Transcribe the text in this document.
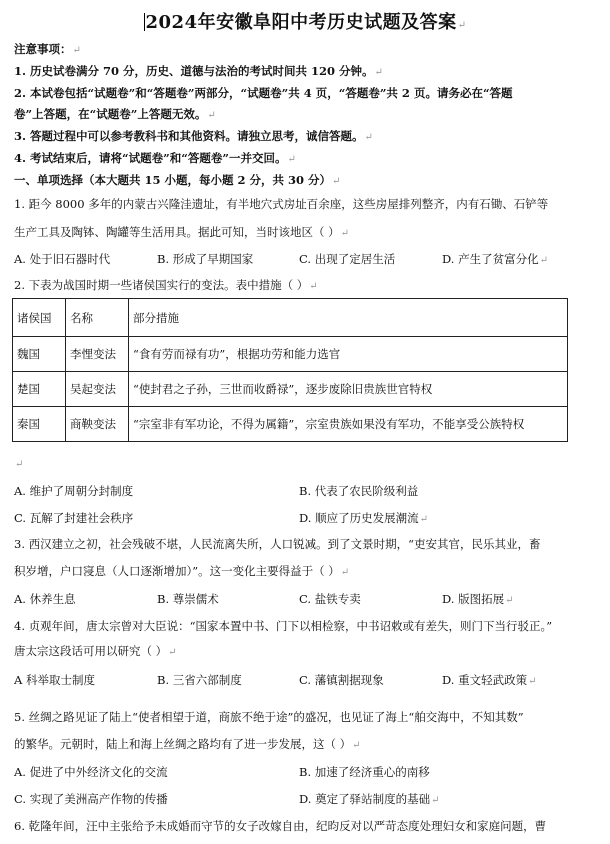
2024年安徽阜阳中考历史试题及答案↵
注意事项：↵
1. 历史试卷满分 70 分，历史、道德与法治的考试时间共 120 分钟。↵
2. 本试卷包括“试题卷”和“答题卷”两部分，“试题卷”共 4 页，“答题卷”共 2 页。请务必在“答题
卷”上答题，在“试题卷”上答题无效。↵
3. 答题过程中可以参考教科书和其他资料。请独立思考，诚信答题。↵
4. 考试结束后，请将“试题卷”和“答题卷”一并交回。↵
一、单项选择（本大题共 15 小题，每小题 2 分，共 30 分）↵
1. 距今 8000 多年的内蒙古兴隆洼遗址，有半地穴式房址百余座，这些房屋排列整齐，内有石锄、石铲等
生产工具及陶钵、陶罐等生活用具。据此可知，当时该地区（ ）↵
A. 处于旧石器时代	B. 形成了早期国家	C. 出现了定居生活	D. 产生了贫富分化↵
2. 下表为战国时期一些诸侯国实行的变法。表中措施（ ）↵
诸侯国	名称	部分措施
魏国	李悝变法	“食有劳而禄有功”，根据功劳和能力选官
楚国	吴起变法	“使封君之子孙，三世而收爵禄”，逐步废除旧贵族世官特权
秦国	商鞅变法	“宗室非有军功论，不得为属籍”，宗室贵族如果没有军功，不能享受公族特权
↵
A. 维护了周朝分封制度	B. 代表了农民阶级利益
C. 瓦解了封建社会秩序	D. 顺应了历史发展潮流↵
3. 西汉建立之初，社会残破不堪，人民流离失所，人口锐减。到了文景时期，“吏安其官，民乐其业，畜
积岁增，户口寖息（人口逐渐增加）”。这一变化主要得益于（ ）↵
A. 休养生息	B. 尊崇儒术	C. 盐铁专卖	D. 版图拓展↵
4. 贞观年间，唐太宗曾对大臣说：“国家本置中书、门下以相检察，中书诏敕或有差失，则门下当行驳正。”
唐太宗这段话可用以研究（ ）↵
A 科举取士制度	B. 三省六部制度	C. 藩镇割据现象	D. 重文轻武政策↵
5. 丝绸之路见证了陆上“使者相望于道，商旅不绝于途”的盛况，也见证了海上“舶交海中，不知其数”
的繁华。元朝时，陆上和海上丝绸之路均有了进一步发展，这（ ）↵
A. 促进了中外经济文化的交流	B. 加速了经济重心的南移
C. 实现了美洲高产作物的传播	D. 奠定了驿站制度的基础↵
6. 乾隆年间，汪中主张给予未成婚而守节的女子改嫁自由，纪昀反对以严苛态度处理妇女和家庭问题，曹
